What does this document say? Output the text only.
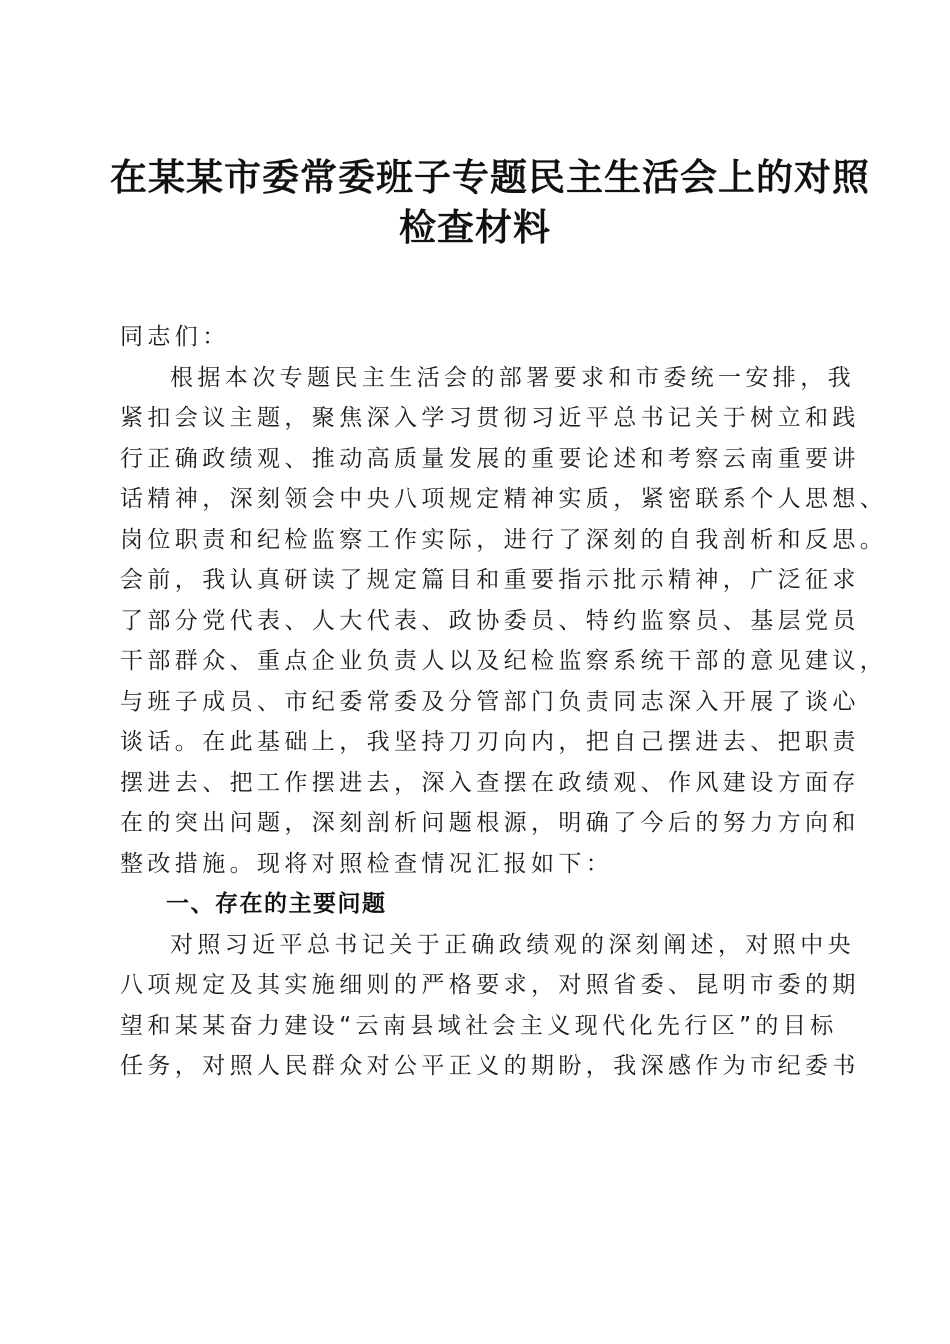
在某某市委常委班子专题民主生活会上的对照
检查材料
同志们：
根据本次专题民主生活会的部署要求和市委统一安排，我
紧扣会议主题，聚焦深入学习贯彻习近平总书记关于树立和践
行正确政绩观、推动高质量发展的重要论述和考察云南重要讲
话精神，深刻领会中央八项规定精神实质，紧密联系个人思想、
岗位职责和纪检监察工作实际，进行了深刻的自我剖析和反思。
会前，我认真研读了规定篇目和重要指示批示精神，广泛征求
了部分党代表、人大代表、政协委员、特约监察员、基层党员
干部群众、重点企业负责人以及纪检监察系统干部的意见建议，
与班子成员、市纪委常委及分管部门负责同志深入开展了谈心
谈话。在此基础上，我坚持刀刃向内，把自己摆进去、把职责
摆进去、把工作摆进去，深入查摆在政绩观、作风建设方面存
在的突出问题，深刻剖析问题根源，明确了今后的努力方向和
整改措施。现将对照检查情况汇报如下：
一、存在的主要问题
对照习近平总书记关于正确政绩观的深刻阐述，对照中央
八项规定及其实施细则的严格要求，对照省委、昆明市委的期
望和某某奋力建设“云南县域社会主义现代化先行区”的目标
任务，对照人民群众对公平正义的期盼，我深感作为市纪委书
